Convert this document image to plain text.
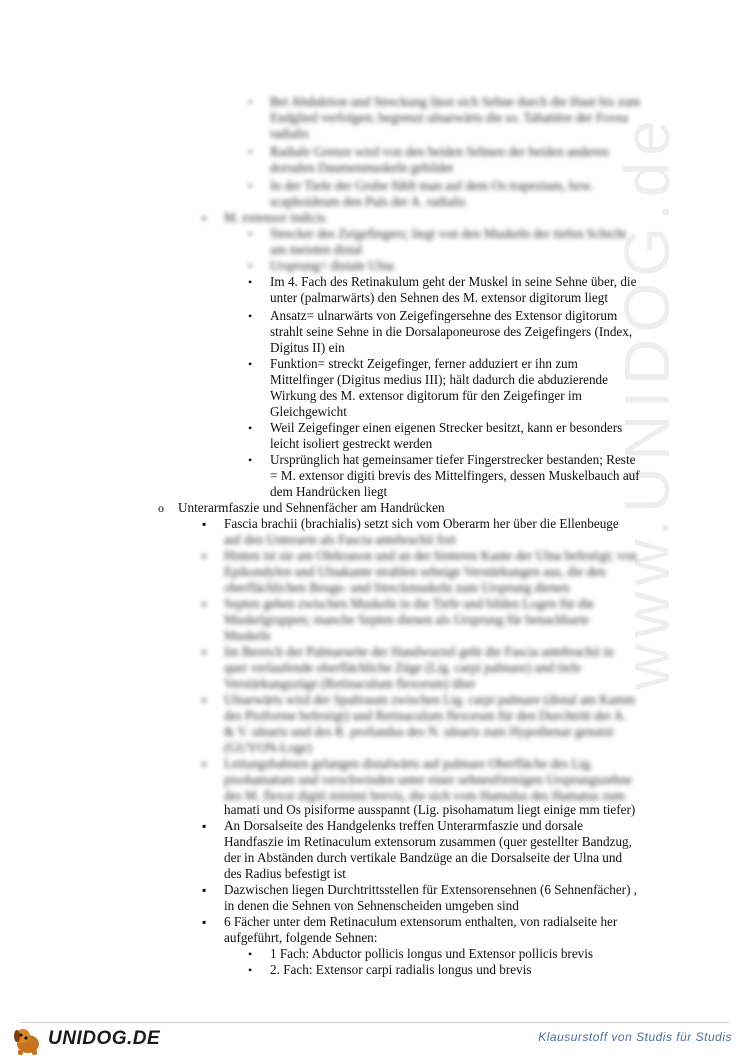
www.UNIDOG.de
• Bei Abduktion und Streckung lässt sich Sehne durch die Haut bis zum
Endglied verfolgen; begrenzt ulnarwärts die so. Tabatière der Fovea
radialis
• Radiale Grenze wird von den beiden Sehnen der beiden anderen
dorsalen Daumenmuskeln gebildet
• In der Tiefe der Grube fühlt man auf dem Os trapezium, bzw.
scaphoideum den Puls der A. radialis
▪ M. extensor indicis
• Strecker des Zeigefingers; liegt von den Muskeln der tiefen Schicht
am meisten distal
• Ursprung= distale Ulna
• Im 4. Fach des Retinakulum geht der Muskel in seine Sehne über, die
unter (palmarwärts) den Sehnen des M. extensor digitorum liegt
• Ansatz= ulnarwärts von Zeigefingersehne des Extensor digitorum
strahlt seine Sehne in die Dorsalaponeurose des Zeigefingers (Index,
Digitus II) ein
• Funktion= streckt Zeigefinger, ferner adduziert er ihn zum
Mittelfinger (Digitus medius III); hält dadurch die abduzierende
Wirkung des M. extensor digitorum für den Zeigefinger im
Gleichgewicht
• Weil Zeigefinger einen eigenen Strecker besitzt, kann er besonders
leicht isoliert gestreckt werden
• Ursprünglich hat gemeinsamer tiefer Fingerstrecker bestanden; Reste
= M. extensor digiti brevis des Mittelfingers, dessen Muskelbauch auf
dem Handrücken liegt
o Unterarmfaszie und Sehnenfächer am Handrücken
▪ Fascia brachii (brachialis) setzt sich vom Oberarm her über die Ellenbeuge
auf den Unterarm als Fascia antebrachii fort
▪ Hinten ist sie am Olekranon und an der hinteren Kante der Ulna befestigt; von
Epikondylen und Ulnakante strahlen sehnige Verstärkungen aus, die den
oberflächlichen Beuge- und Streckmuskeln zum Ursprung dienen
▪ Septen gehen zwischen Muskeln in die Tiefe und bilden Logen für die
Muskelgruppen; manche Septen dienen als Ursprung für benachbarte
Muskeln
▪ Im Bereich der Palmarseite der Handwurzel geht die Fascia antebrachii in
quer verlaufende oberflächliche Züge (Lig. carpi palmare) und tiefe
Verstärkungszüge (Retinaculum flexorum) über
▪ Ulnarwärts wird der Spaltraum zwischen Lig. carpi palmare (distal am Kamm
des Pisiforme befestigt) und Retinaculum flexorum für den Durchtritt der A.
& V. ulnaris und des R. profundus des N. ulnaris zum Hypothenar genutzt
(GUYON-Loge)
▪ Leitungsbahnen gelangen distalwärts auf palmare Oberfläche des Lig.
pisohamatum und verschwinden unter einer sehnenförmigen Ursprungszehne
des M. flexor digiti minimi brevis, die sich vom Hamulus des Hamatus zum
hamati und Os pisiforme ausspannt (Lig. pisohamatum liegt einige mm tiefer)
▪ An Dorsalseite des Handgelenks treffen Unterarmfaszie und dorsale
Handfaszie im Retinaculum extensorum zusammen (quer gestellter Bandzug,
der in Abständen durch vertikale Bandzüge an die Dorsalseite der Ulna und
des Radius befestigt ist
▪ Dazwischen liegen Durchtrittsstellen für Extensorensehnen (6 Sehnenfächer) ,
in denen die Sehnen von Sehnenscheiden umgeben sind
▪ 6 Fächer unter dem Retinaculum extensorum enthalten, von radialseite her
aufgeführt, folgende Sehnen:
• 1 Fach: Abductor pollicis longus und Extensor pollicis brevis
• 2. Fach: Extensor carpi radialis longus und brevis
UNIDOG.DE	Klausurstoff von Studis für Studis
